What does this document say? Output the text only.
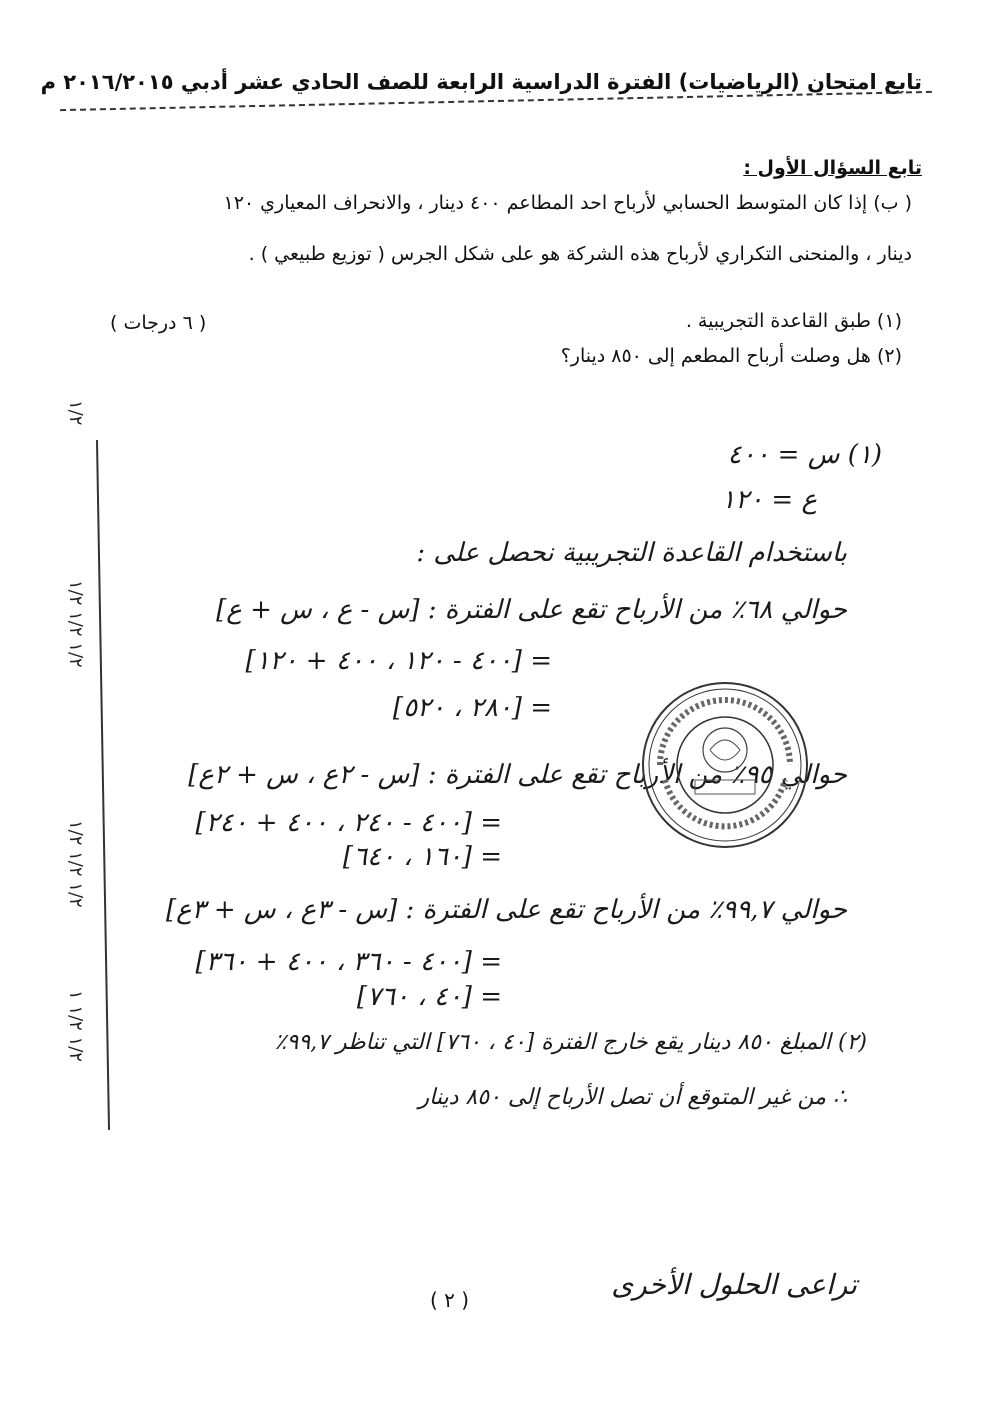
تابع امتحان (الرياضيات) الفترة الدراسية الرابعة للصف الحادي عشر أدبي ٢٠١٦/٢٠١٥ م
تابع السؤال الأول :
( ب) إذا كان المتوسط الحسابي لأرباح احد المطاعم ٤٠٠ دينار ، والانحراف المعياري ١٢٠
دينار ، والمنحنى التكراري لأرباح هذه الشركة هو على شكل الجرس ( توزيع طبيعي ) .
(١) طبق القاعدة التجريبية .
( ٦ درجات )
(٢) هل وصلت أرباح المطعم إلى ٨٥٠ دينار؟
(١) س = ٤٠٠
ع = ١٢٠
باستخدام القاعدة التجريبية نحصل على :
حوالي ٦٨٪ من الأرباح تقع على الفترة : [س - ع ، س + ع]
= [٤٠٠ - ١٢٠ ، ٤٠٠ + ١٢٠]
= [٢٨٠ ، ٥٢٠]
حوالي ٩٥٪ من الأرباح تقع على الفترة : [س - ٢ع ، س + ٢ع]
= [٤٠٠ - ٢٤٠ ، ٤٠٠ + ٢٤٠]
= [١٦٠ ، ٦٤٠]
حوالي ٩٩,٧٪ من الأرباح تقع على الفترة : [س - ٣ع ، س + ٣ع]
= [٤٠٠ - ٣٦٠ ، ٤٠٠ + ٣٦٠]
= [٤٠ ، ٧٦٠]
(٢) المبلغ ٨٥٠ دينار يقع خارج الفترة [٤٠ ، ٧٦٠] التي تناظر ٩٩,٧٪
∴ من غير المتوقع أن تصل الأرباح إلى ٨٥٠ دينار
١/٢
١/٢ ١/٢ ١/٢
١/٢ ١/٢ ١/٢
١/٢ ١/٢ ١
( ٢ )	تراعى الحلول الأخرى
